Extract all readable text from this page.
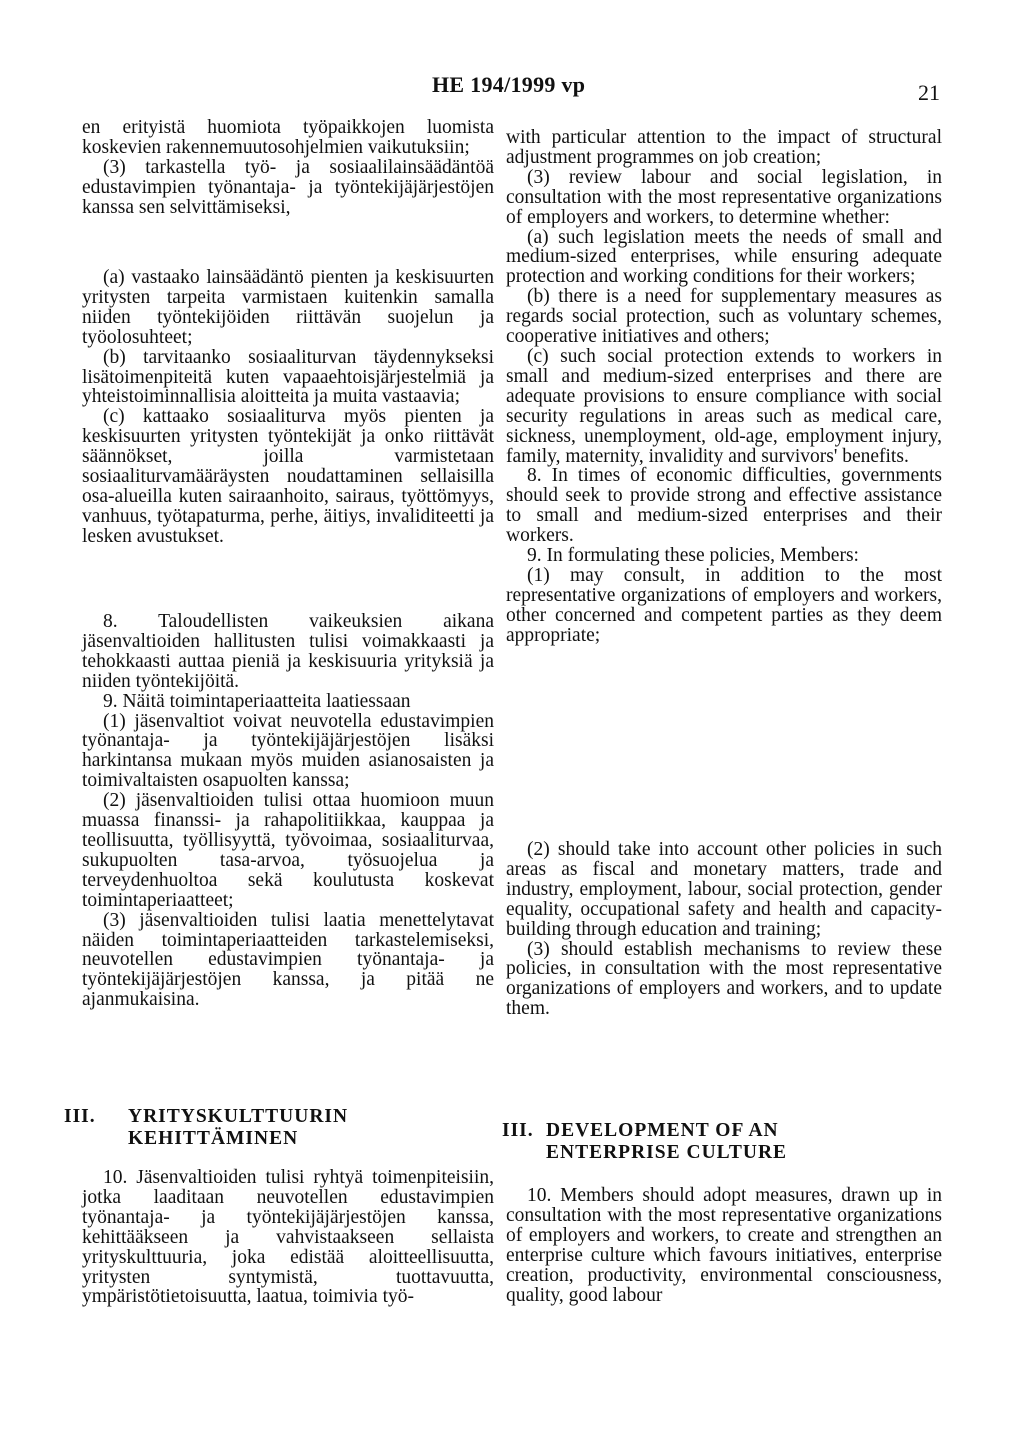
HE 194/1999 vp	21

en erityistä huomiota työpaikkojen luomista koskevien rakennemuutosohjelmien vaikutuksiin;

(3) tarkastella työ- ja sosiaalilainsäädäntöä edustavimpien työnantaja- ja työntekijäjärjestöjen kanssa sen selvittämiseksi,

(a) vastaako lainsäädäntö pienten ja keskisuurten yritysten tarpeita varmistaen kuitenkin samalla niiden työntekijöiden riittävän suojelun ja työolosuhteet;

(b) tarvitaanko sosiaaliturvan täydennykseksi lisätoimenpiteitä kuten vapaaehtoisjärjestelmiä ja yhteistoiminnallisia aloitteita ja muita vastaavia;

(c) kattaako sosiaaliturva myös pienten ja keskisuurten yritysten työntekijät ja onko riittävät säännökset, joilla varmistetaan sosiaaliturvamääräysten noudattaminen sellaisilla osa-alueilla kuten sairaanhoito, sairaus, työttömyys, vanhuus, työtapaturma, perhe, äitiys, invaliditeetti ja lesken avustukset.

8. Taloudellisten vaikeuksien aikana jäsenvaltioiden hallitusten tulisi voimakkaasti ja tehokkaasti auttaa pieniä ja keskisuuria yrityksiä ja niiden työntekijöitä.

9. Näitä toimintaperiaatteita laatiessaan

(1) jäsenvaltiot voivat neuvotella edustavimpien työnantaja- ja työntekijäjärjestöjen lisäksi harkintansa mukaan myös muiden asianosaisten ja toimivaltaisten osapuolten kanssa;

(2) jäsenvaltioiden tulisi ottaa huomioon muun muassa finanssi- ja rahapolitiikkaa, kauppaa ja teollisuutta, työllisyyttä, työvoimaa, sosiaaliturvaa, sukupuolten tasa-arvoa, työsuojelua ja terveydenhuoltoa sekä koulutusta koskevat toimintaperiaatteet;

(3) jäsenvaltioiden tulisi laatia menettelytavat näiden toimintaperiaatteiden tarkastelemiseksi, neuvotellen edustavimpien työnantaja- ja työntekijäjärjestöjen kanssa, ja pitää ne ajanmukaisina.

III. YRITYSKULTTUURIN
KEHITTÄMINEN

10. Jäsenvaltioiden tulisi ryhtyä toimenpiteisiin, jotka laaditaan neuvotellen edustavimpien työnantaja- ja työntekijäjärjestöjen kanssa, kehittääkseen ja vahvistaakseen sellaista yrityskulttuuria, joka edistää aloitteellisuutta, yritysten syntymistä, tuottavuutta, ympäristötietoisuutta, laatua, toimivia työ-

with particular attention to the impact of structural adjustment programmes on job creation;

(3) review labour and social legislation, in consultation with the most representative organizations of employers and workers, to determine whether:

(a) such legislation meets the needs of small and medium-sized enterprises, while ensuring adequate protection and working conditions for their workers;

(b) there is a need for supplementary measures as regards social protection, such as voluntary schemes, cooperative initiatives and others;

(c) such social protection extends to workers in small and medium-sized enterprises and there are adequate provisions to ensure compliance with social security regulations in areas such as medical care, sickness, unemployment, old-age, employment injury, family, maternity, invalidity and survivors' benefits.

8. In times of economic difficulties, governments should seek to provide strong and effective assistance to small and medium-sized enterprises and their workers.

9. In formulating these policies, Members:

(1) may consult, in addition to the most representative organizations of employers and workers, other concerned and competent parties as they deem appropriate;

(2) should take into account other policies in such areas as fiscal and monetary matters, trade and industry, employment, labour, social protection, gender equality, occupational safety and health and capacity-building through education and training;

(3) should establish mechanisms to review these policies, in consultation with the most representative organizations of employers and workers, and to update them.

III. DEVELOPMENT OF AN
ENTERPRISE CULTURE

10. Members should adopt measures, drawn up in consultation with the most representative organizations of employers and workers, to create and strengthen an enterprise culture which favours initiatives, enterprise creation, productivity, environmental consciousness, quality, good labour
